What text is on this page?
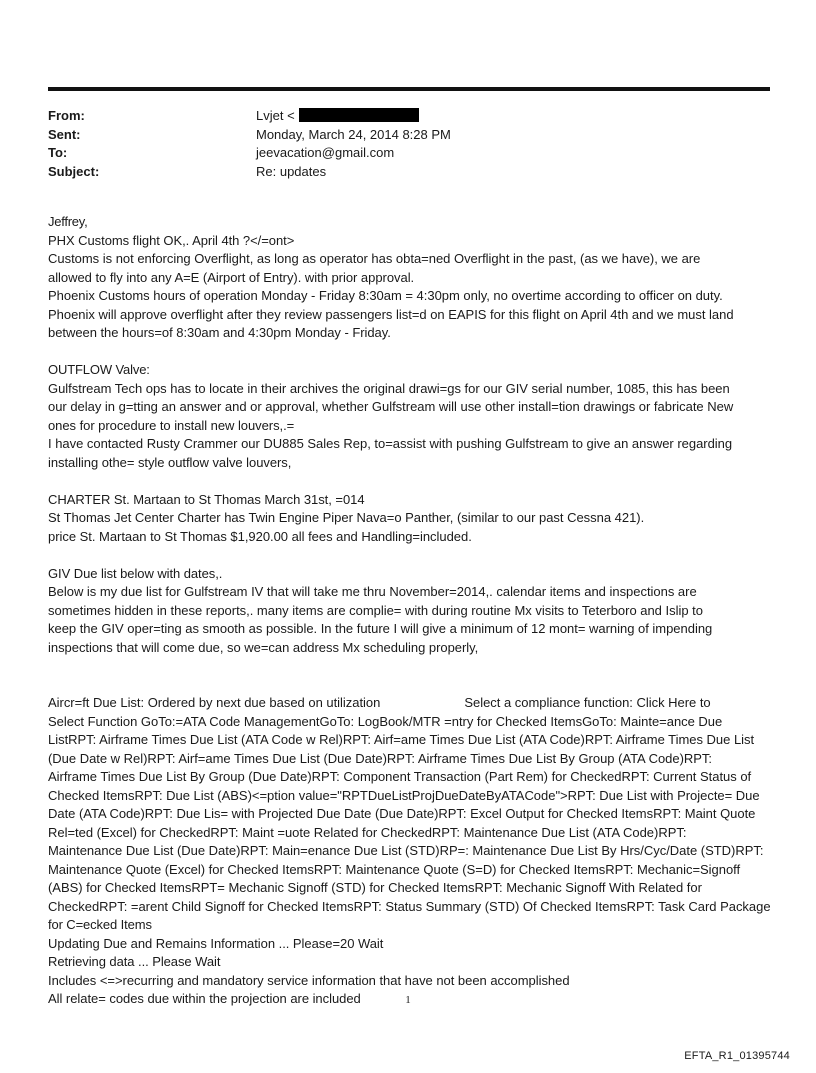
From:	Lvjet <
Sent:	Monday, March 24, 2014 8:28 PM
To:	jeevacation@gmail.com
Subject:	Re: updates
Jeffrey,
PHX Customs flight OK,. April 4th ?</=ont>
Customs is not enforcing Overflight, as long as operator has obta=ned Overflight in the past, (as we have), we are
allowed to fly into any A=E (Airport of Entry). with prior approval.
Phoenix Customs hours of operation Monday - Friday 8:30am = 4:30pm only, no overtime according to officer on duty.
Phoenix will approve overflight after they review passengers list=d on EAPIS for this flight on April 4th and we must land
between the hours=of 8:30am and 4:30pm Monday - Friday.
OUTFLOW Valve:
Gulfstream Tech ops has to locate in their archives the original drawi=gs for our GIV serial number, 1085, this has been
our delay in g=tting an answer and or approval, whether Gulfstream will use other install=tion drawings or fabricate New
ones for procedure to install new louvers,.=
I have contacted Rusty Crammer our DU885 Sales Rep, to=assist with pushing Gulfstream to give an answer regarding
installing othe= style outflow valve louvers,
CHARTER St. Martaan to St Thomas March 31st, =014
St Thomas Jet Center Charter has Twin Engine Piper Nava=o Panther, (similar to our past Cessna 421).
price St. Martaan to St Thomas $1,920.00 all fees and Handling=included.
GIV Due list below with dates,.
Below is my due list for Gulfstream IV that will take me thru November=2014,. calendar items and inspections are
sometimes hidden in these reports,. many items are complie= with during routine Mx visits to Teterboro and Islip to
keep the GIV oper=ting as smooth as possible. In the future I will give a minimum of 12 mont= warning of impending
inspections that will come due, so we=can address Mx scheduling properly,
Aircr=ft Due List: Ordered by next due based on utilization	Select a compliance function: Click Here to
Select Function GoTo:=ATA Code ManagementGoTo: LogBook/MTR =ntry for Checked ItemsGoTo: Mainte=ance Due
ListRPT: Airframe Times Due List (ATA Code w Rel)RPT: Airf=ame Times Due List (ATA Code)RPT: Airframe Times Due List
(Due Date w Rel)RPT: Airf=ame Times Due List (Due Date)RPT: Airframe Times Due List By Group (ATA Code)RPT:
Airframe Times Due List By Group (Due Date)RPT: Component Transaction (Part Rem) for CheckedRPT: Current Status of
Checked ItemsRPT: Due List (ABS)<=ption value="RPTDueListProjDueDateByATACode">RPT: Due List with Projecte= Due
Date (ATA Code)RPT: Due Lis= with Projected Due Date (Due Date)RPT: Excel Output for Checked ItemsRPT: Maint Quote
Rel=ted (Excel) for CheckedRPT: Maint =uote Related for CheckedRPT: Maintenance Due List (ATA Code)RPT:
Maintenance Due List (Due Date)RPT: Main=enance Due List (STD)RP=: Maintenance Due List By Hrs/Cyc/Date (STD)RPT:
Maintenance Quote (Excel) for Checked ItemsRPT: Maintenance Quote (S=D) for Checked ItemsRPT: Mechanic=Signoff
(ABS) for Checked ItemsRPT= Mechanic Signoff (STD) for Checked ItemsRPT: Mechanic Signoff With Related for
CheckedRPT: =arent Child Signoff for Checked ItemsRPT: Status Summary (STD) Of Checked ItemsRPT: Task Card Package
for C=ecked Items
Updating Due and Remains Information ... Please=20 Wait
Retrieving data ... Please Wait
Includes <=>recurring and mandatory service information that have not been accomplished
All relate= codes due within the projection are included	1
EFTA_R1_01395744
